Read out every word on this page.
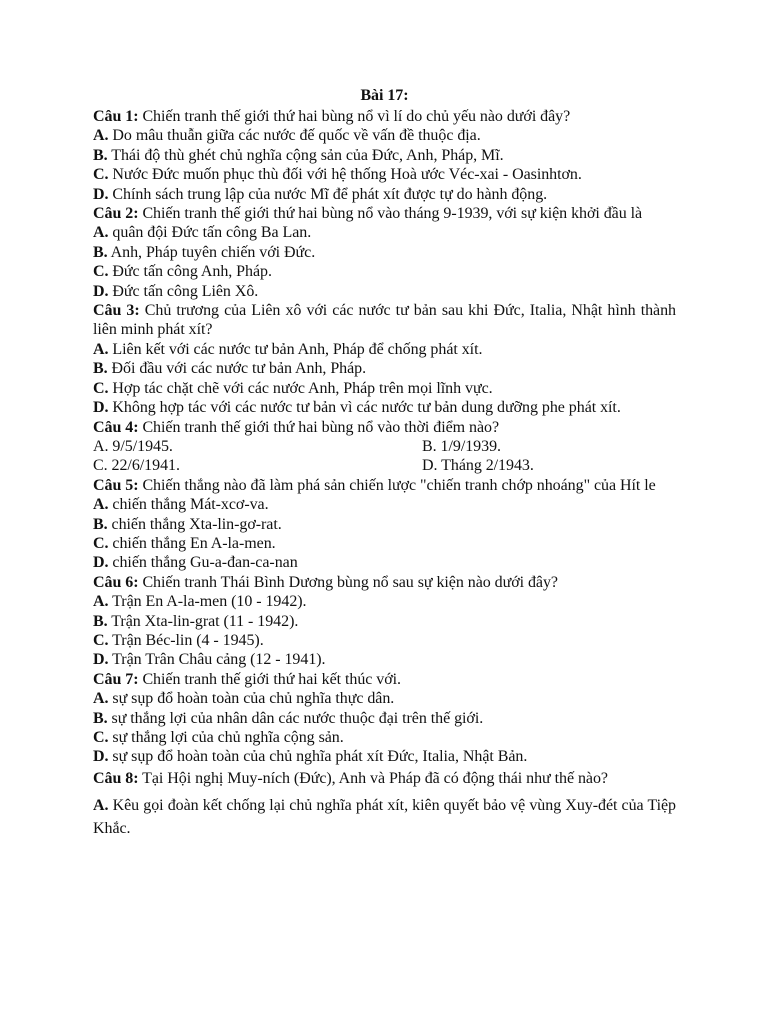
Bài 17:

Câu 1: Chiến tranh thế giới thứ hai bùng nổ vì lí do chủ yếu nào dưới đây?

A. Do mâu thuẫn giữa các nước đế quốc về vấn đề thuộc địa.

B. Thái độ thù ghét chủ nghĩa cộng sản của Đức, Anh, Pháp, Mĩ.

C. Nước Đức muốn phục thù đối với hệ thống Hoà ước Véc-xai - Oasinhtơn.

D. Chính sách trung lập của nước Mĩ để phát xít được tự do hành động.

Câu 2: Chiến tranh thế giới thứ hai bùng nổ vào tháng 9-1939, với sự kiện khởi đầu là

A. quân đội Đức tấn công Ba Lan.

B. Anh, Pháp tuyên chiến với Đức.

C. Đức tấn công Anh, Pháp.

D. Đức tấn công Liên Xô.

Câu 3: Chủ trương của Liên xô với các nước tư bản sau khi Đức, Italia, Nhật hình thành liên minh phát xít?

A. Liên kết với các nước tư bản Anh, Pháp để chống phát xít.

B. Đối đầu với các nước tư bản Anh, Pháp.

C. Hợp tác chặt chẽ với các nước Anh, Pháp trên mọi lĩnh vực.

D. Không hợp tác với các nước tư bản vì các nước tư bản dung dưỡng phe phát xít.

Câu 4: Chiến tranh thế giới thứ hai bùng nổ vào thời điểm nào?

A. 9/5/1945.	B. 1/9/1939.
C. 22/6/1941.	D. Tháng 2/1943.

Câu 5: Chiến thắng nào đã làm phá sản chiến lược "chiến tranh chớp nhoáng" của Hít le

A. chiến thắng Mát-xcơ-va.

B. chiến thắng Xta-lin-gơ-rat.

C. chiến thắng En A-la-men.

D. chiến thắng Gu-a-đan-ca-nan

Câu 6: Chiến tranh Thái Bình Dương bùng nổ sau sự kiện nào dưới đây?

A. Trận En A-la-men (10 - 1942).

B. Trận Xta-lin-grat (11 - 1942).

C. Trận Béc-lin (4 - 1945).

D. Trận Trân Châu cảng (12 - 1941).

Câu 7: Chiến tranh thế giới thứ hai kết thúc với.

A. sự sụp đổ hoàn toàn của chủ nghĩa thực dân.

B. sự thắng lợi của nhân dân các nước thuộc đại trên thế giới.

C. sự thắng lợi của chủ nghĩa cộng sản.

D. sự sụp đổ hoàn toàn của chủ nghĩa phát xít Đức, Italia, Nhật Bản.

Câu 8: Tại Hội nghị Muy-ních (Đức), Anh và Pháp đã có động thái như thế nào?

A. Kêu gọi đoàn kết chống lại chủ nghĩa phát xít, kiên quyết bảo vệ vùng Xuy-đét của Tiệp Khắc.
